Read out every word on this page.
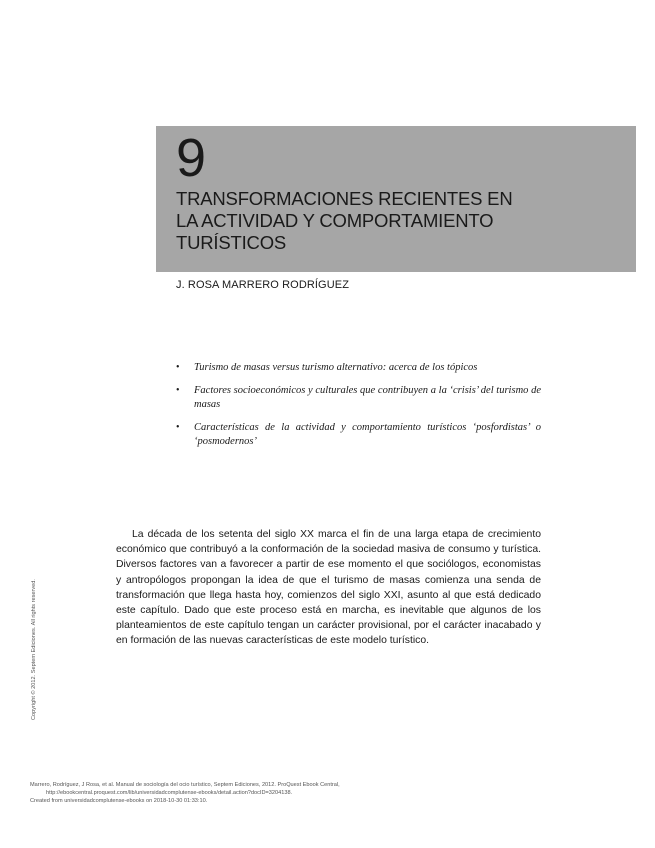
9
TRANSFORMACIONES RECIENTES EN
LA ACTIVIDAD Y COMPORTAMIENTO
TURÍSTICOS
J. ROSA MARRERO RODRÍGUEZ
• Turismo de masas versus turismo alternativo: acerca de los tópicos
• Factores socioeconómicos y culturales que contribuyen a la ‘crisis’ del turismo de masas
• Características de la actividad y comportamiento turísticos ‘posfordistas’ o ‘posmodernos’

La década de los setenta del siglo XX marca el fin de una larga etapa de crecimiento económico que contribuyó a la conformación de la sociedad masiva de consumo y turística. Diversos factores van a favorecer a partir de ese momento el que sociólogos, economistas y antropólogos propongan la idea de que el turismo de masas comienza una senda de transformación que llega hasta hoy, comienzos del siglo XXI, asunto al que está dedicado este capítulo. Dado que este proceso está en marcha, es inevitable que algunos de los planteamientos de este capítulo tengan un carácter provisional, por el carácter inacabado y en formación de las nuevas características de este modelo turístico.

Copyright © 2012. Septem Ediciones. All rights reserved.
Marrero, Rodríguez, J Rosa, et al. Manual de sociología del ocio turístico, Septem Ediciones, 2012. ProQuest Ebook Central,
http://ebookcentral.proquest.com/lib/universidadcomplutense-ebooks/detail.action?docID=3204138.
Created from universidadcomplutense-ebooks on 2018-10-30 01:33:10.
